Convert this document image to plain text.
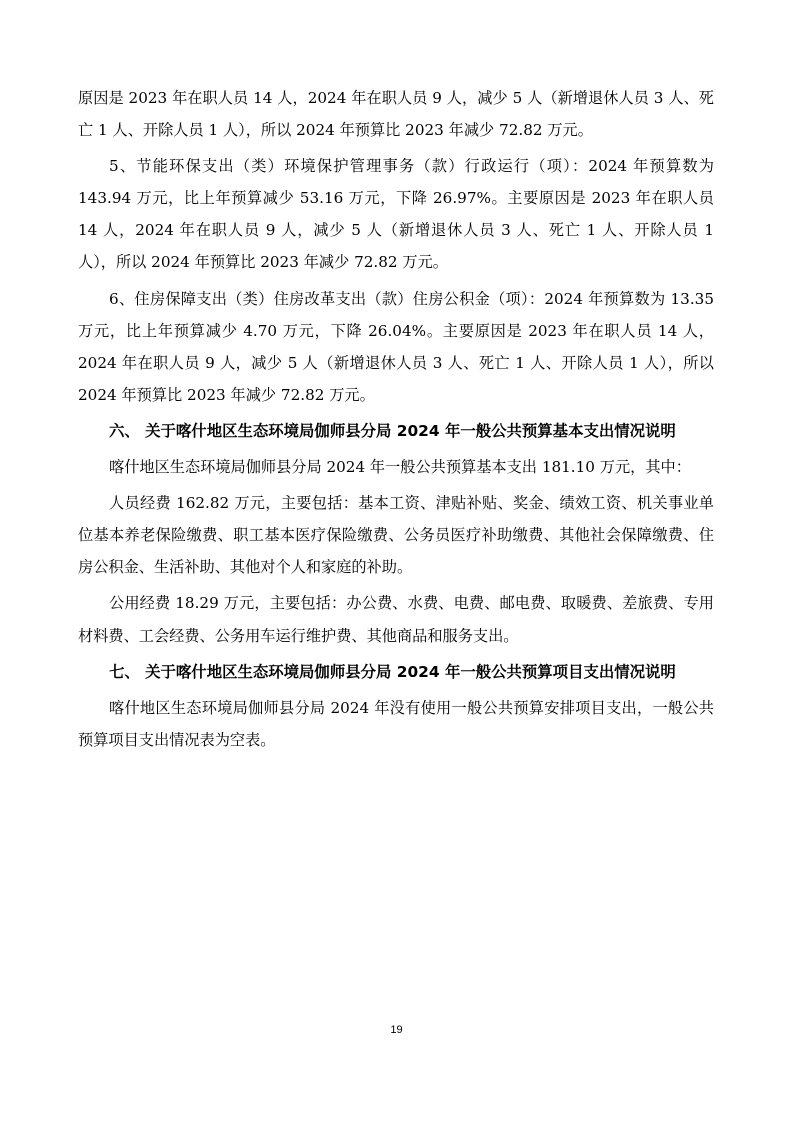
原因是 2023 年在职人员 14 人，2024 年在职人员 9 人，减少 5 人（新增退休人员 3 人、死亡 1 人、开除人员 1 人），所以 2024 年预算比 2023 年减少 72.82 万元。

5、节能环保支出（类）环境保护管理事务（款）行政运行（项）：2024 年预算数为 143.94 万元，比上年预算减少 53.16 万元，下降 26.97%。主要原因是 2023 年在职人员 14 人，2024 年在职人员 9 人，减少 5 人（新增退休人员 3 人、死亡 1 人、开除人员 1 人），所以 2024 年预算比 2023 年减少 72.82 万元。

6、住房保障支出（类）住房改革支出（款）住房公积金（项）：2024 年预算数为 13.35 万元，比上年预算减少 4.70 万元，下降 26.04%。主要原因是 2023 年在职人员 14 人，2024 年在职人员 9 人，减少 5 人（新增退休人员 3 人、死亡 1 人、开除人员 1 人），所以 2024 年预算比 2023 年减少 72.82 万元。

六、 关于喀什地区生态环境局伽师县分局 2024 年一般公共预算基本支出情况说明

喀什地区生态环境局伽师县分局 2024 年一般公共预算基本支出 181.10 万元，其中：

人员经费 162.82 万元，主要包括：基本工资、津贴补贴、奖金、绩效工资、机关事业单位基本养老保险缴费、职工基本医疗保险缴费、公务员医疗补助缴费、其他社会保障缴费、住房公积金、生活补助、其他对个人和家庭的补助。

公用经费 18.29 万元，主要包括：办公费、水费、电费、邮电费、取暖费、差旅费、专用材料费、工会经费、公务用车运行维护费、其他商品和服务支出。

七、 关于喀什地区生态环境局伽师县分局 2024 年一般公共预算项目支出情况说明

喀什地区生态环境局伽师县分局 2024 年没有使用一般公共预算安排项目支出，一般公共预算项目支出情况表为空表。

19
